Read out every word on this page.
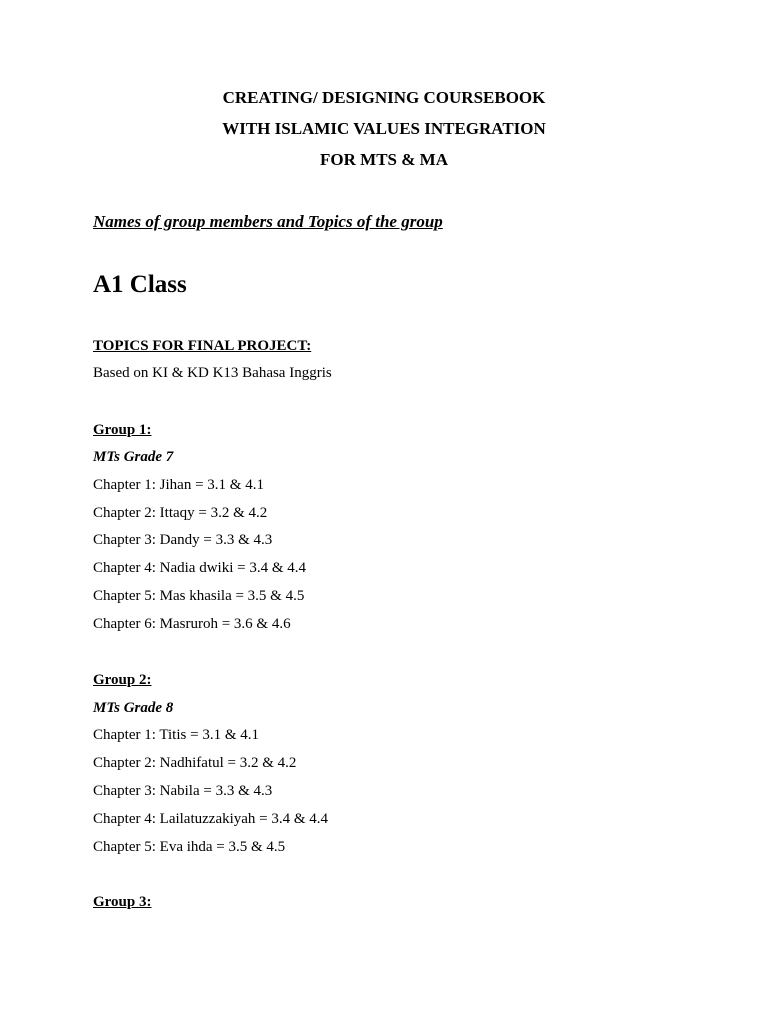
CREATING/ DESIGNING COURSEBOOK
WITH ISLAMIC VALUES INTEGRATION
FOR MTS & MA
Names of group members and Topics of the group
A1 Class
TOPICS FOR FINAL PROJECT:
Based on KI & KD K13 Bahasa Inggris
Group 1:
MTs Grade 7
Chapter 1: Jihan = 3.1 & 4.1
Chapter 2: Ittaqy = 3.2 & 4.2
Chapter 3: Dandy = 3.3 & 4.3
Chapter 4: Nadia dwiki = 3.4 & 4.4
Chapter 5: Mas khasila = 3.5 & 4.5
Chapter 6: Masruroh = 3.6 & 4.6
Group 2:
MTs Grade 8
Chapter 1: Titis = 3.1 & 4.1
Chapter 2: Nadhifatul = 3.2 & 4.2
Chapter 3: Nabila = 3.3 & 4.3
Chapter 4: Lailatuzzakiyah = 3.4 & 4.4
Chapter 5: Eva ihda = 3.5 & 4.5
Group 3:
